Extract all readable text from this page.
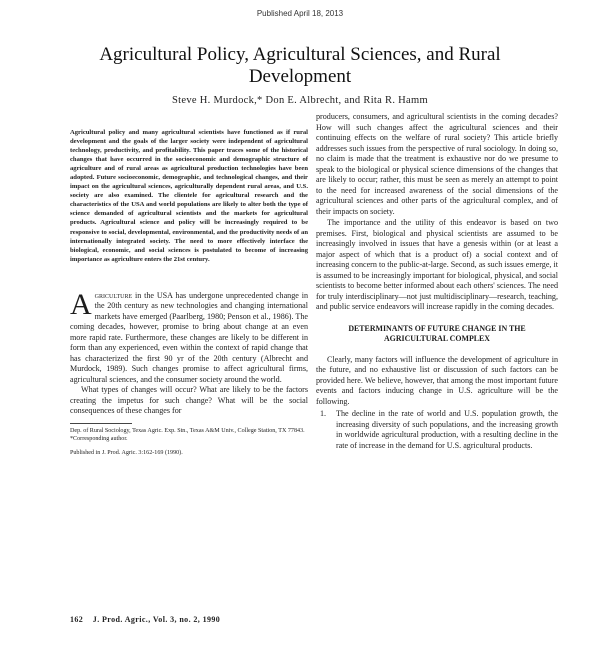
Published April 18, 2013
Agricultural Policy, Agricultural Sciences, and Rural Development
Steve H. Murdock,* Don E. Albrecht, and Rita R. Hamm

Agricultural policy and many agricultural scientists have functioned as if rural development and the goals of the larger society were independent of agricultural technology, productivity, and profitability. This paper traces some of the historical changes that have occurred in the socioeconomic and demographic structure of agriculture and of rural areas as agricultural production technologies have been adopted. Future socioeconomic, demographic, and technological changes, and their impact on the agricultural sciences, agriculturally dependent rural areas, and U.S. society are also examined. The clientele for agricultural research and the characteristics of the USA and world populations are likely to alter both the type of science demanded of agricultural scientists and the markets for agricultural products. Agricultural science and policy will be increasingly required to be responsive to social, developmental, environmental, and the productivity needs of an internationally integrated society. The need to more effectively interface the biological, economic, and social sciences is postulated to become of increasing importance as agriculture enters the 21st century.

Agriculture in the USA has undergone unprecedented change in the 20th century as new technologies and changing international markets have emerged (Paarlberg, 1980; Penson et al., 1986). The coming decades, however, promise to bring about change at an even more rapid rate. Furthermore, these changes are likely to be different in form than any experienced, even within the context of rapid change that has characterized the first 90 yr of the 20th century (Albrecht and Murdock, 1989). Such changes promise to affect agricultural firms, agricultural sciences, and the consumer society around the world.

What types of changes will occur? What are likely to be the factors creating the impetus for such change? What will be the social consequences of these changes for

Dep. of Rural Sociology, Texas Agric. Exp. Stn., Texas A&M Univ., College Station, TX 77843. *Corresponding author.

Published in J. Prod. Agric. 3:162-169 (1990).

producers, consumers, and agricultural scientists in the coming decades? How will such changes affect the agricultural sciences and their continuing effects on the welfare of rural society? This article briefly addresses such issues from the perspective of rural sociology. In doing so, no claim is made that the treatment is exhaustive nor do we presume to speak to the biological or physical science dimensions of the changes that are likely to occur; rather, this must be seen as merely an attempt to point to the need for increased awareness of the social dimensions of the agricultural sciences and other parts of the agricultural complex, and of their impacts on society.

The importance and the utility of this endeavor is based on two premises. First, biological and physical scientists are assumed to be increasingly involved in issues that have a genesis within (or at least a major aspect of which that is a product of) a social context and of increasing concern to the public-at-large. Second, as such issues emerge, it is assumed to be increasingly important for biological, physical, and social scientists to become better informed about each others' sciences. The need for truly interdisciplinary—not just multidisciplinary—research, teaching, and public service endeavors will increase rapidly in the coming decades.

DETERMINANTS OF FUTURE CHANGE IN THE AGRICULTURAL COMPLEX

Clearly, many factors will influence the development of agriculture in the future, and no exhaustive list or discussion of such factors can be provided here. We believe, however, that among the most important future events and factors inducing change in U.S. agriculture will be the following.

1.	The decline in the rate of world and U.S. population growth, the increasing diversity of such populations, and the increasing growth in worldwide agricultural production, with a resulting decline in the rate of increase in the demand for U.S. agricultural products.

162    J. Prod. Agric., Vol. 3, no. 2, 1990
